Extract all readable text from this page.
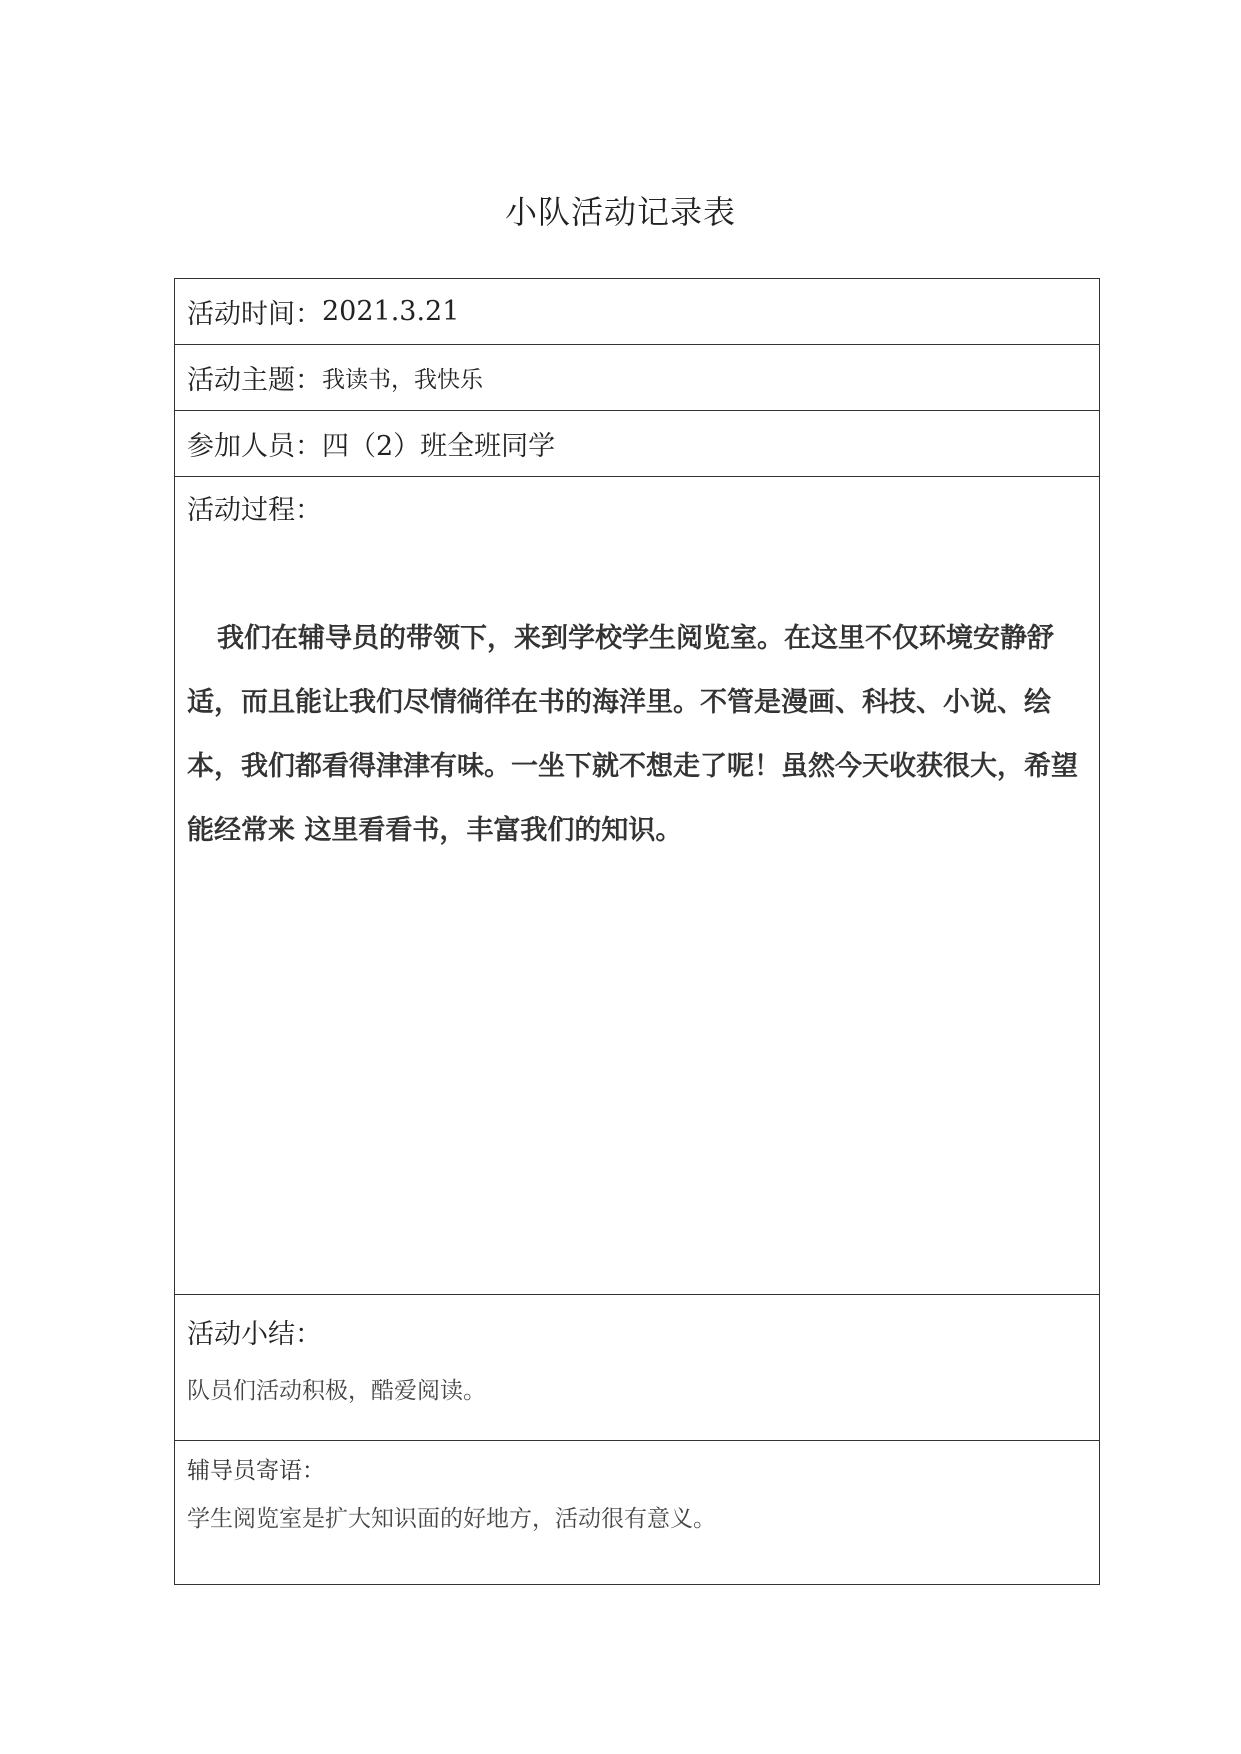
小队活动记录表
活动时间： 2021.3.21
活动主题： 我读书，我快乐
参加人员： 四（2）班全班同学
活动过程：
我们在辅导员的带领下，来到学校学生阅览室。在这里不仅环境安静舒适，而且能让我们尽情徜徉在书的海洋里。不管是漫画、科技、小说、绘本，我们都看得津津有味。一坐下就不想走了呢！虽然今天收获很大，希望能经常来 这里看看书，丰富我们的知识。
活动小结：
队员们活动积极，酷爱阅读。
辅导员寄语：
学生阅览室是扩大知识面的好地方，活动很有意义。
